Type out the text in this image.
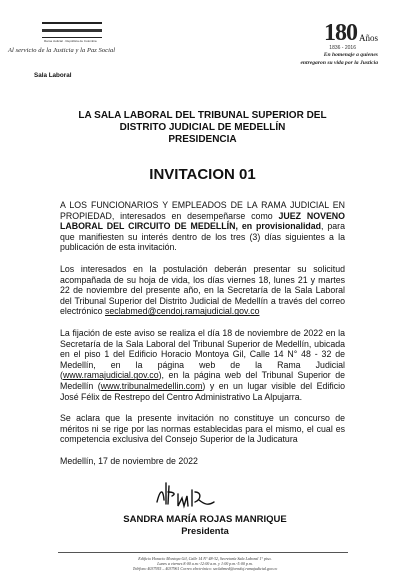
Rama Judicial · República de Colombia
Al servicio de la Justicia y la Paz Social
Sala Laboral
180 Años
1836 - 2016
En homenaje a quienes
entregaron su vida por la Justicia

LA SALA LABORAL DEL TRIBUNAL SUPERIOR DEL

DISTRITO JUDICIAL DE MEDELLÍN

PRESIDENCIA

INVITACION 01

A LOS FUNCIONARIOS Y EMPLEADOS DE LA RAMA JUDICIAL EN PROPIEDAD, interesados en desempeñarse como JUEZ NOVENO LABORAL DEL CIRCUITO DE MEDELLÍN, en provisionalidad, para que manifiesten su interés dentro de los tres (3) días siguientes a la publicación de esta invitación.

Los interesados en la postulación deberán presentar su solicitud acompañada de su hoja de vida, los días viernes 18, lunes 21 y martes 22 de noviembre del presente año, en la Secretaría de la Sala Laboral del Tribunal Superior del Distrito Judicial de Medellín a través del correo electrónico seclabmed@cendoj.ramajudicial.gov.co

La fijación de este aviso se realiza el día 18 de noviembre de 2022 en la Secretaría de la Sala Laboral del Tribunal Superior de Medellín, ubicada en el piso 1 del Edificio Horacio Montoya Gil, Calle 14 N° 48 - 32 de Medellín, en la página web de la Rama Judicial (www.ramajudicial.gov.co), en la página web del Tribunal Superior de Medellín (www.tribunalmedellin.com) y en un lugar visible del Edificio José Félix de Restrepo del Centro Administrativo La Alpujarra.

Se aclara que la presente invitación no constituye un concurso de méritos ni se rige por las normas establecidas para el mismo, el cual es competencia exclusiva del Consejo Superior de la Judicatura

Medellín, 17 de noviembre de 2022
SANDRA MARÍA ROJAS MANRIQUE
Presidenta
Edificio Horacio Montoya Gil, Calle 14 N° 48-32, Secretaría Sala Laboral 1° piso.
Lunes a viernes 8:00 a.m.-12:00 a.m. y 1:00 p.m.-5:00 p.m.
Teléfono 4037955 – 4037961 Correo electrónico: seclabmed@cendoj.ramajudicial.gov.co
